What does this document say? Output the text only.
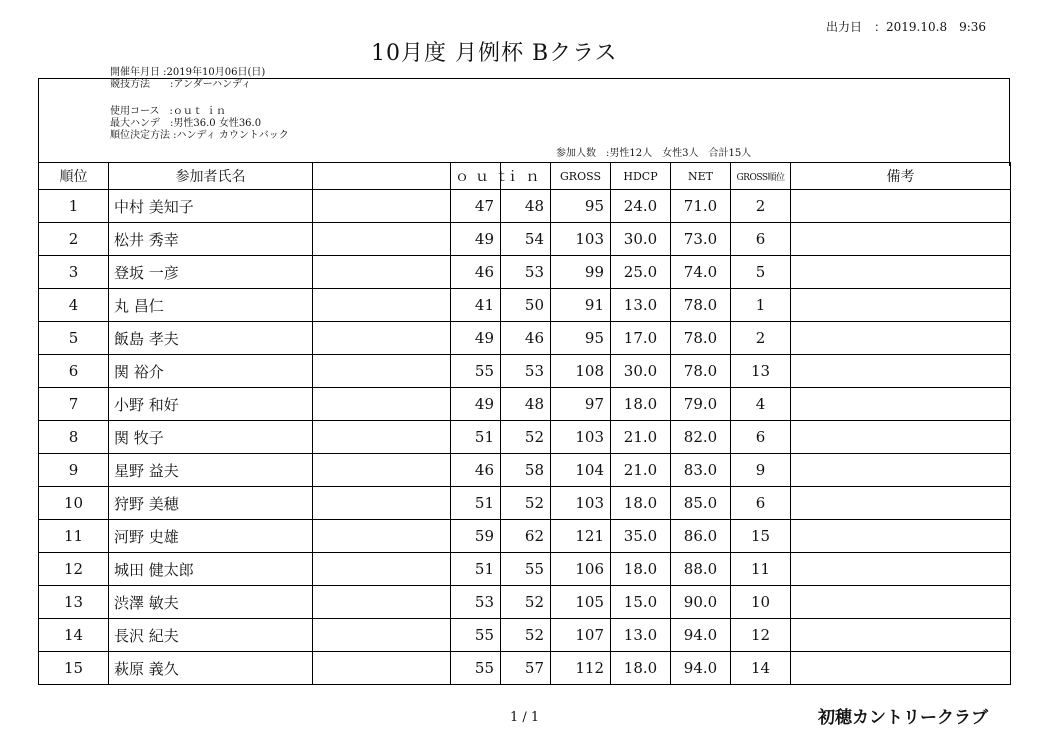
出力日　：2019.10.8　9:36
10月度 月例杯 Bクラス
開催年月日 :2019年10月06日(日)
競技方法　　:アンダーハンディ
使用コース　:ｏｕｔ ｉｎ
最大ハンデ　:男性36.0 女性36.0
順位決定方法 :ハンディ カウントバック
参加人数　:男性12人　女性3人　合計15人
順位	参加者氏名		ｏｕｔ	ｉｎ	GROSS	HDCP	NET	GROSS順位	備考
1	中村 美知子		47	48	95	24.0	71.0	2	
2	松井 秀幸		49	54	103	30.0	73.0	6	
3	登坂 一彦		46	53	99	25.0	74.0	5	
4	丸 昌仁		41	50	91	13.0	78.0	1	
5	飯島 孝夫		49	46	95	17.0	78.0	2	
6	関 裕介		55	53	108	30.0	78.0	13	
7	小野 和好		49	48	97	18.0	79.0	4	
8	関 牧子		51	52	103	21.0	82.0	6	
9	星野 益夫		46	58	104	21.0	83.0	9	
10	狩野 美穂		51	52	103	18.0	85.0	6	
11	河野 史雄		59	62	121	35.0	86.0	15	
12	城田 健太郎		51	55	106	18.0	88.0	11	
13	渋澤 敏夫		53	52	105	15.0	90.0	10	
14	長沢 紀夫		55	52	107	13.0	94.0	12	
15	萩原 義久		55	57	112	18.0	94.0	14	
1 / 1	初穂カントリークラブ
